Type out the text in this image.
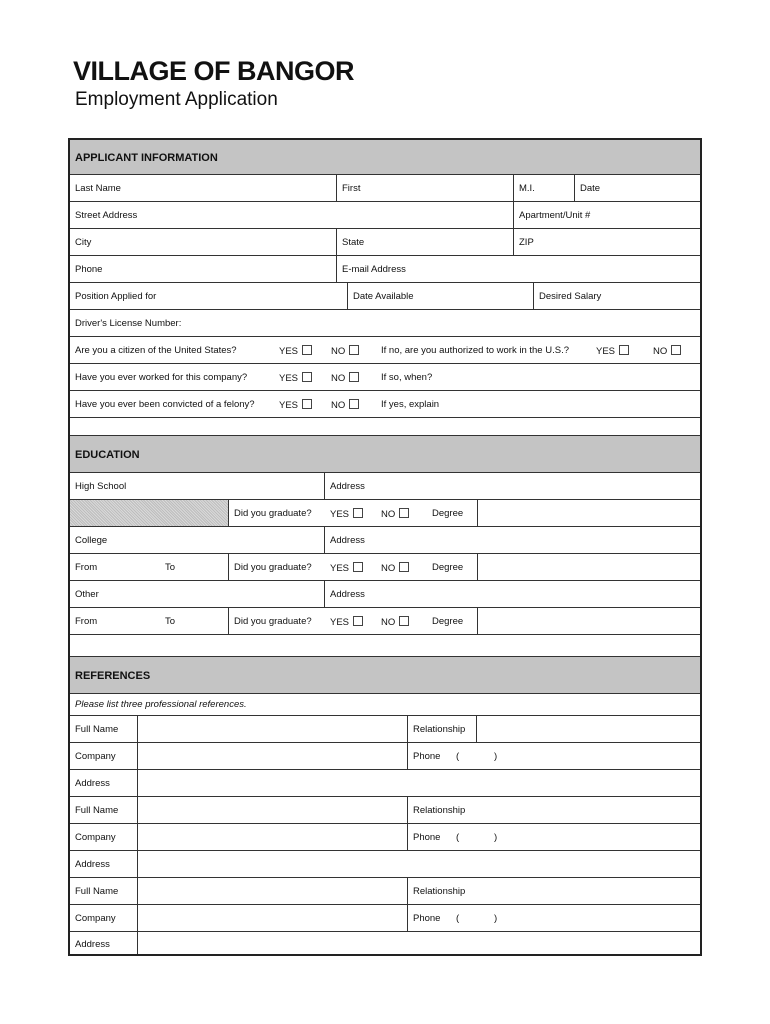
VILLAGE OF BANGOR
Employment Application
APPLICANT INFORMATION
Last Name	First	M.I.	Date
Street Address	Apartment/Unit #
City	State	ZIP
Phone	E-mail Address
Position Applied for	Date Available	Desired Salary
Driver's License Number:
Are you a citizen of the United States?	YES	NO	If no, are you authorized to work in the U.S.?	YES	NO
Have you ever worked for this company?	YES	NO	If so, when?
Have you ever been convicted of a felony?	YES	NO	If yes, explain
EDUCATION
High School	Address
Did you graduate? YES	NO	Degree
College	Address
From	To	Did you graduate? YES	NO	Degree
Other	Address
From	To	Did you graduate? YES	NO	Degree
REFERENCES
Please list three professional references.
Full Name	Relationship
Company	Phone (	)
Address
Full Name	Relationship
Company	Phone (	)
Address
Full Name	Relationship
Company	Phone (	)
Address
